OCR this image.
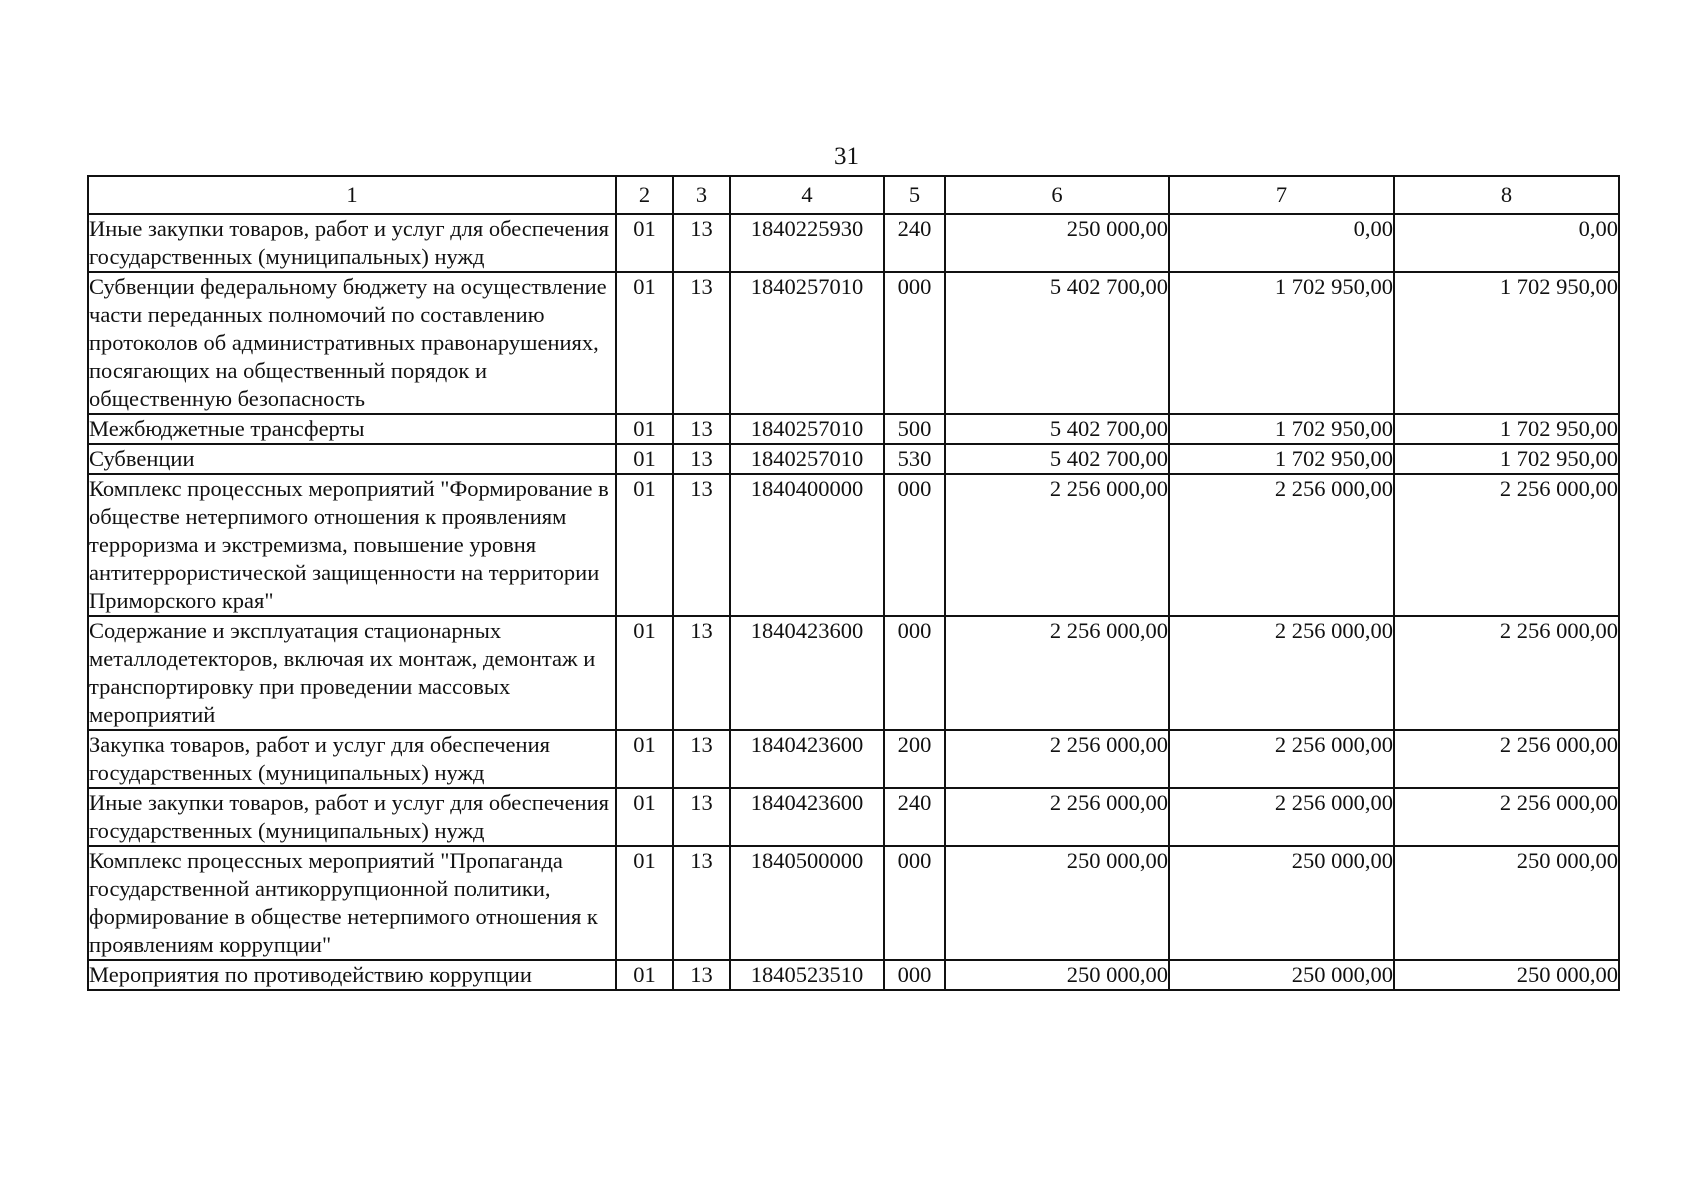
31
1	2	3	4	5	6	7	8
Иные закупки товаров, работ и услуг для обеспечения государственных (муниципальных) нужд	01	13	1840225930	240	250 000,00	0,00	0,00
Субвенции федеральному бюджету на осуществление части переданных полномочий по составлению протоколов об административных правонарушениях, посягающих на общественный порядок и общественную безопасность	01	13	1840257010	000	5 402 700,00	1 702 950,00	1 702 950,00
Межбюджетные трансферты	01	13	1840257010	500	5 402 700,00	1 702 950,00	1 702 950,00
Субвенции	01	13	1840257010	530	5 402 700,00	1 702 950,00	1 702 950,00
Комплекс процессных мероприятий "Формирование в обществе нетерпимого отношения к проявлениям терроризма и экстремизма, повышение уровня антитеррористической защищенности на территории Приморского края"	01	13	1840400000	000	2 256 000,00	2 256 000,00	2 256 000,00
Содержание и эксплуатация стационарных металлодетекторов, включая их монтаж, демонтаж и транспортировку при проведении массовых мероприятий	01	13	1840423600	000	2 256 000,00	2 256 000,00	2 256 000,00
Закупка товаров, работ и услуг для обеспечения государственных (муниципальных) нужд	01	13	1840423600	200	2 256 000,00	2 256 000,00	2 256 000,00
Иные закупки товаров, работ и услуг для обеспечения государственных (муниципальных) нужд	01	13	1840423600	240	2 256 000,00	2 256 000,00	2 256 000,00
Комплекс процессных мероприятий "Пропаганда государственной антикоррупционной политики, формирование в обществе нетерпимого отношения к проявлениям коррупции"	01	13	1840500000	000	250 000,00	250 000,00	250 000,00
Мероприятия по противодействию коррупции	01	13	1840523510	000	250 000,00	250 000,00	250 000,00
